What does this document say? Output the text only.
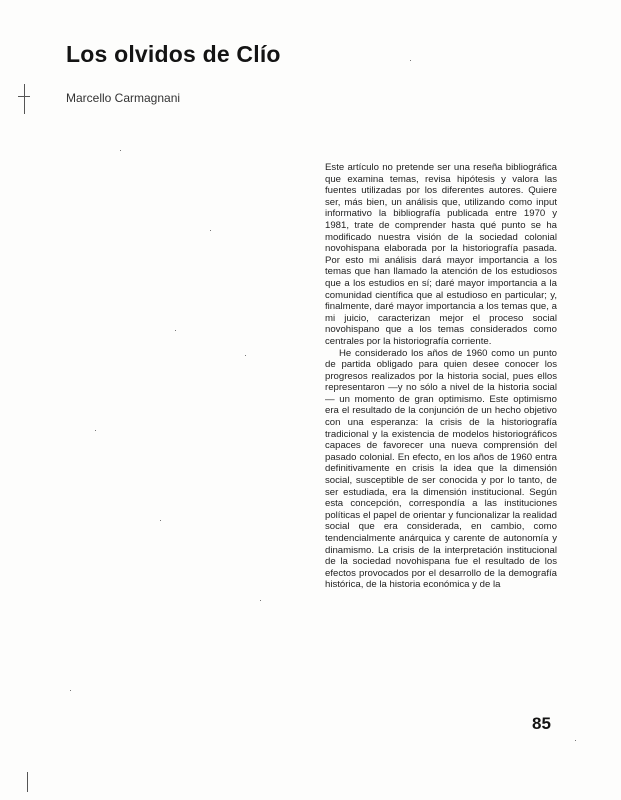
Los olvidos de Clío
Marcello Carmagnani

Este artículo no pretende ser una reseña bibliográfica que examina temas, revisa hipótesis y valora las fuentes utilizadas por los diferentes autores. Quiere ser, más bien, un análisis que, utilizando como input informativo la bibliografía publicada entre 1970 y 1981, trate de comprender hasta qué punto se ha modificado nuestra visión de la sociedad colonial novohispana elaborada por la historiografía pasada. Por esto mi análisis dará mayor importancia a los temas que han llamado la atención de los estudiosos que a los estudios en sí; daré mayor importancia a la comunidad científica que al estudioso en particular; y, finalmente, daré mayor importancia a los temas que, a mi juicio, caracterizan mejor el proceso social novohispano que a los temas considerados como centrales por la historiografía corriente.

He considerado los años de 1960 como un punto de partida obligado para quien desee conocer los progresos realizados por la historia social, pues ellos representaron —y no sólo a nivel de la historia social— un momento de gran optimismo. Este optimismo era el resultado de la conjunción de un hecho objetivo con una esperanza: la crisis de la historiografía tradicional y la existencia de modelos historiográficos capaces de favorecer una nueva comprensión del pasado colonial. En efecto, en los años de 1960 entra definitivamente en crisis la idea que la dimensión social, susceptible de ser conocida y por lo tanto, de ser estudiada, era la dimensión institucional. Según esta concepción, correspondía a las instituciones políticas el papel de orientar y funcionalizar la realidad social que era considerada, en cambio, como tendencialmente anárquica y carente de autonomía y dinamismo. La crisis de la interpretación institucional de la sociedad novohispana fue el resultado de los efectos provocados por el desarrollo de la demografía histórica, de la historia económica y de la

85
